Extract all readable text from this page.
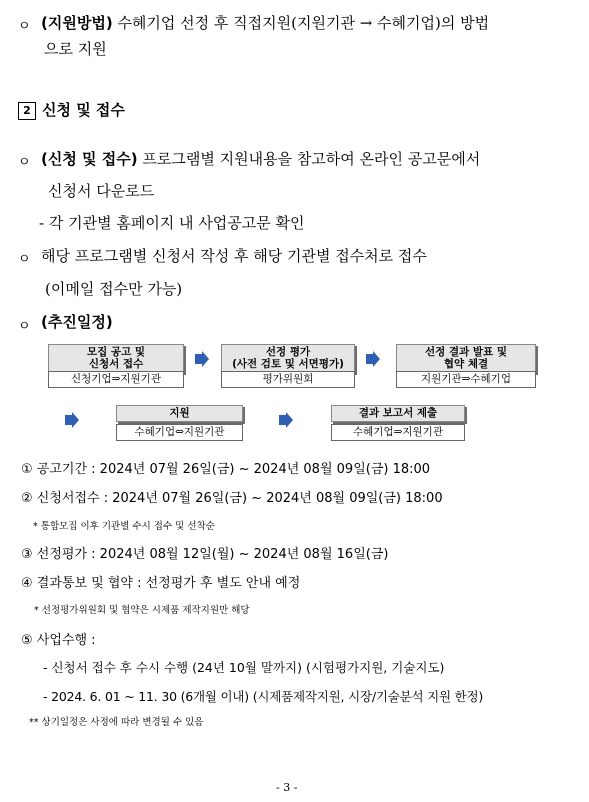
ㅇ (지원방법) 수혜기업 선정 후 직접지원(지원기관 → 수혜기업)의 방법
으로 지원
2 신청 및 접수
ㅇ (신청 및 접수) 프로그램별 지원내용을 참고하여 온라인 공고문에서
신청서 다운로드
- 각 기관별 홈페이지 내 사업공고문 확인
ㅇ 해당 프로그램별 신청서 작성 후 해당 기관별 접수처로 접수
(이메일 접수만 가능)
ㅇ (추진일정)
모집 공고 및
신청서 접수
신청기업⇒지원기관
선정 평가
(사전 검토 및 서면평가)
평가위원회
선정 결과 발표 및
협약 체결
지원기관⇒수혜기업
지원
수혜기업⇔지원기관
결과 보고서 제출
수혜기업⇒지원기관
① 공고기간 : 2024년 07월 26일(금) ~ 2024년 08월 09일(금) 18:00
② 신청서접수 : 2024년 07월 26일(금) ~ 2024년 08월 09일(금) 18:00
* 통합모집 이후 기관별 수시 접수 및 선착순
③ 선정평가 : 2024년 08월 12일(월) ~ 2024년 08월 16일(금)
④ 결과통보 및 협약 : 선정평가 후 별도 안내 예정
* 선정평가위원회 및 협약은 시제품 제작지원만 해당
⑤ 사업수행 :
- 신청서 접수 후 수시 수행 (24년 10월 말까지) (시험평가지원, 기술지도)
- 2024. 6. 01 ~ 11. 30 (6개월 이내) (시제품제작지원, 시장/기술분석 지원 한정)
** 상기일정은 사정에 따라 변경될 수 있음
- 3 -
